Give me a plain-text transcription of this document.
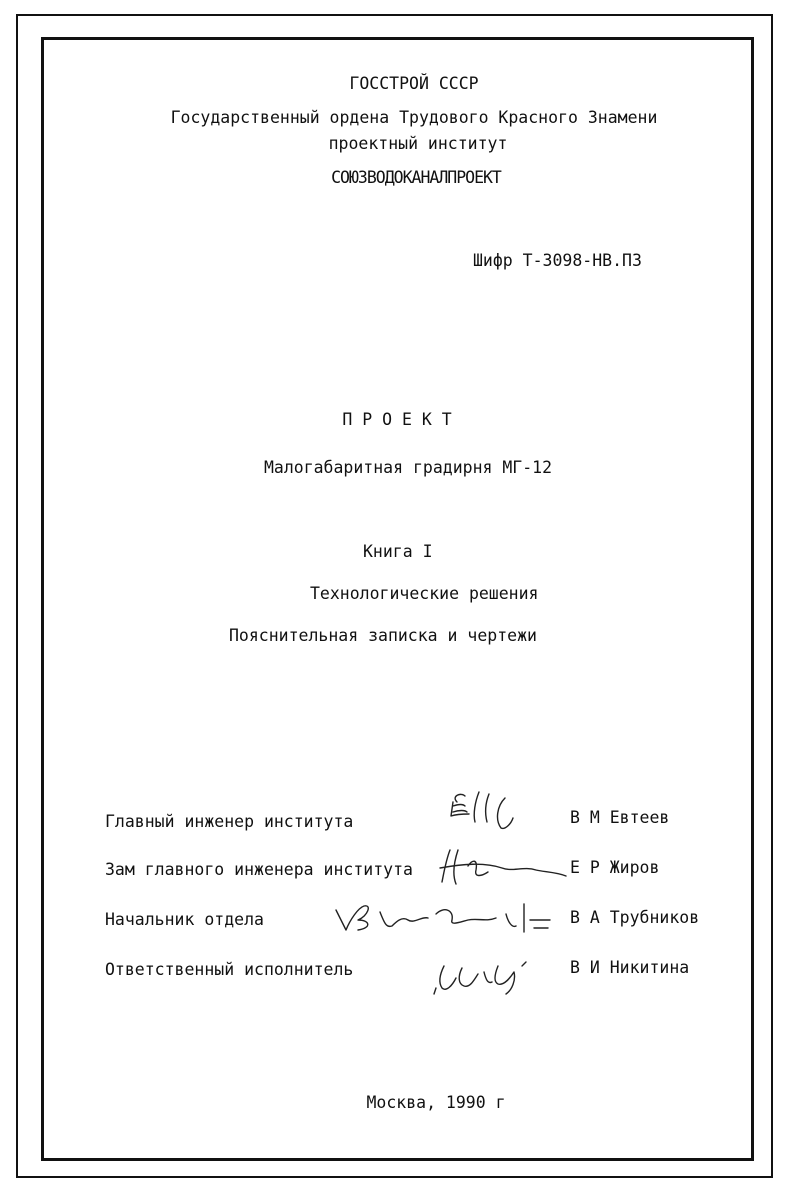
ГОССТРОЙ СССР
Государственный ордена Трудового Красного Знамени
проектный институт
СОЮЗВОДОКАНАЛПРОЕКТ
Шифр Т-3098-НВ.ПЗ
П Р О Е К Т
Малогабаритная градирня МГ-12
Книга I
Технологические решения
Пояснительная записка и чертежи
Главный инженер института	В М Евтеев
Зам главного инженера института	Е Р Жиров
Начальник отдела	В А Трубников
Ответственный исполнитель	В И Никитина
Москва, 1990 г
